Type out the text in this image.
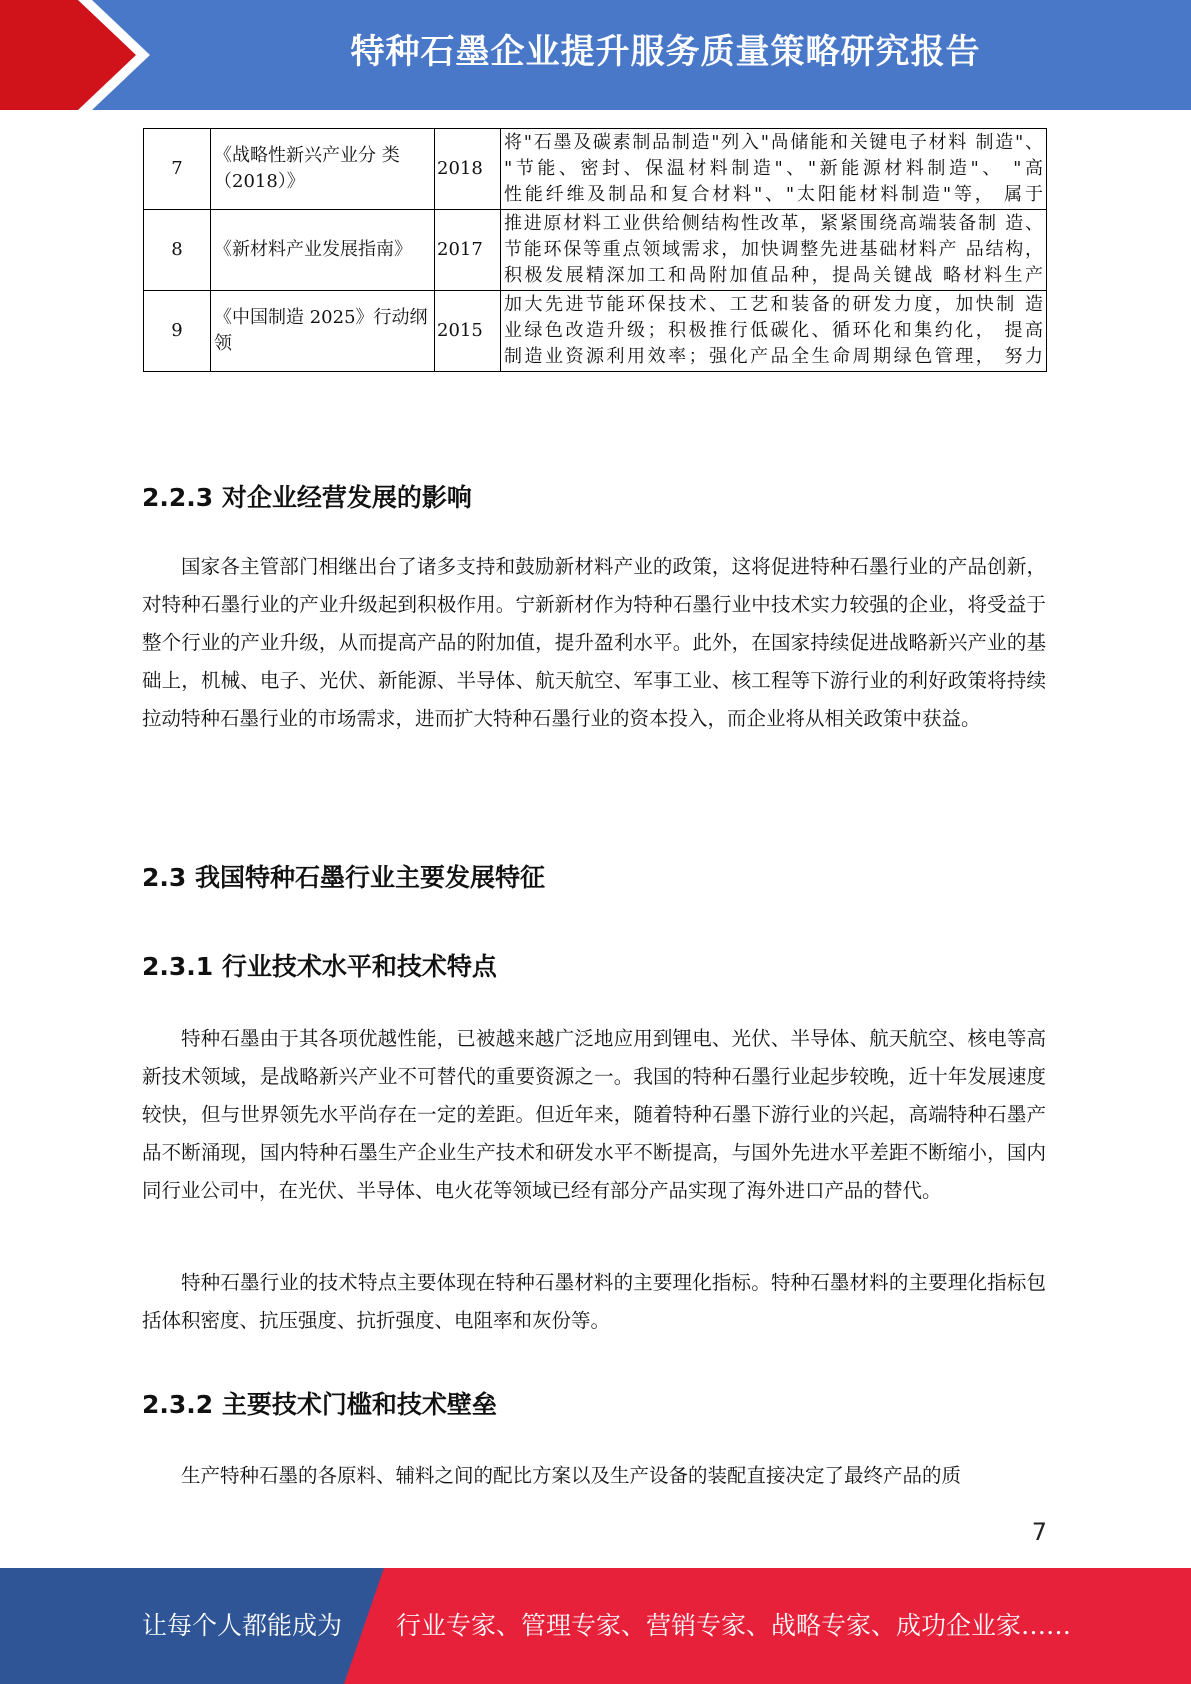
特种石墨企业提升服务质量策略研究报告
7	《战略性新兴产业分 类（2018）》	2018	将"石墨及碳素制品制造"列入"咼储能和关键电子材料 制造"、
"节能、密封、保温材料制造"、"新能源材料制造"、 "高
性能纤维及制品和复合材料"、"太阳能材料制造"等， 属于

8	《新材料产业发展指南》	2017	推进原材料工业供给侧结构性改革，紧紧围绕高端装备制 造、
节能环保等重点领域需求，加快调整先进基础材料产 品结构，
积极发展精深加工和咼附加值品种，提咼关键战 略材料生产

9	《中国制造 2025》行动纲领	2015	加大先进节能环保技术、工艺和装备的研发力度，加快制 造
业绿色改造升级；积极推行低碳化、循环化和集约化， 提高
制造业资源利用效率；强化产品全生命周期绿色管理， 努力
2.2.3 对企业经营发展的影响

国家各主管部门相继出台了诸多支持和鼓励新材料产业的政策，这将促进特种石墨行业的产品创新，对特种石墨行业的产业升级起到积极作用。宁新新材作为特种石墨行业中技术实力较强的企业，将受益于整个行业的产业升级，从而提高产品的附加值，提升盈利水平。此外，在国家持续促进战略新兴产业的基础上，机械、电子、光伏、新能源、半导体、航天航空、军事工业、核工程等下游行业的利好政策将持续拉动特种石墨行业的市场需求，进而扩大特种石墨行业的资本投入，而企业将从相关政策中获益。

2.3 我国特种石墨行业主要发展特征
2.3.1 行业技术水平和技术特点

特种石墨由于其各项优越性能，已被越来越广泛地应用到锂电、光伏、半导体、航天航空、核电等高新技术领域，是战略新兴产业不可替代的重要资源之一。我国的特种石墨行业起步较晚，近十年发展速度较快，但与世界领先水平尚存在一定的差距。但近年来，随着特种石墨下游行业的兴起，高端特种石墨产品不断涌现，国内特种石墨生产企业生产技术和研发水平不断提高，与国外先进水平差距不断缩小，国内同行业公司中，在光伏、半导体、电火花等领域已经有部分产品实现了海外进口产品的替代。

特种石墨行业的技术特点主要体现在特种石墨材料的主要理化指标。特种石墨材料的主要理化指标包括体积密度、抗压强度、抗折强度、电阻率和灰份等。

2.3.2 主要技术门槛和技术壁垒

生产特种石墨的各原料、辅料之间的配比方案以及生产设备的装配直接决定了最终产品的质

7
让每个人都能成为 行业专家、管理专家、营销专家、战略专家、成功企业家……
